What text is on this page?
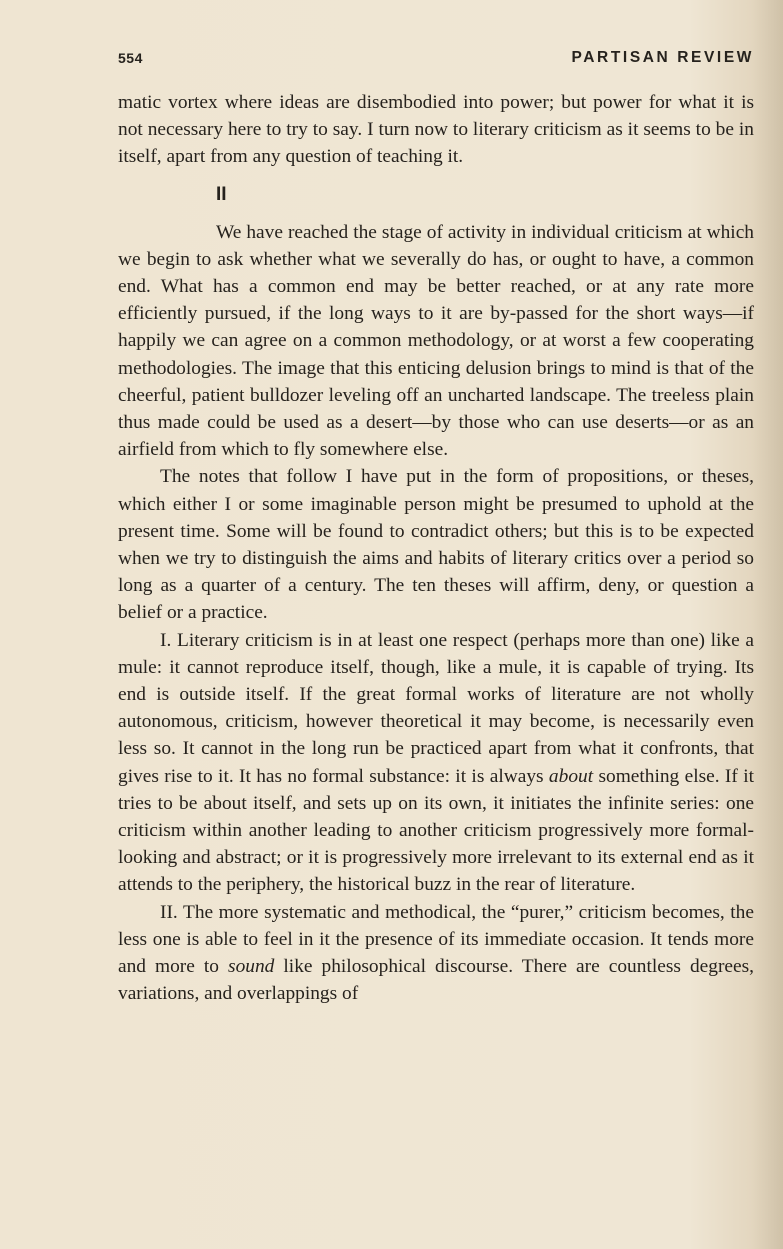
554	PARTISAN REVIEW

matic vortex where ideas are disembodied into power; but power for what it is not necessary here to try to say. I turn now to literary criticism as it seems to be in itself, apart from any question of teaching it.

II

We have reached the stage of activity in individual criticism at which we begin to ask whether what we severally do has, or ought to have, a common end. What has a common end may be better reached, or at any rate more efficiently pursued, if the long ways to it are by-passed for the short ways—if happily we can agree on a common methodology, or at worst a few cooperating methodologies. The image that this enticing delusion brings to mind is that of the cheerful, patient bulldozer leveling off an uncharted landscape. The treeless plain thus made could be used as a desert—by those who can use deserts—or as an airfield from which to fly somewhere else.

The notes that follow I have put in the form of propositions, or theses, which either I or some imaginable person might be presumed to uphold at the present time. Some will be found to contradict others; but this is to be expected when we try to distinguish the aims and habits of literary critics over a period so long as a quarter of a century. The ten theses will affirm, deny, or question a belief or a practice.

I. Literary criticism is in at least one respect (perhaps more than one) like a mule: it cannot reproduce itself, though, like a mule, it is capable of trying. Its end is outside itself. If the great formal works of literature are not wholly autonomous, criticism, however theoretical it may become, is necessarily even less so. It cannot in the long run be practiced apart from what it confronts, that gives rise to it. It has no formal substance: it is always about something else. If it tries to be about itself, and sets up on its own, it initiates the infinite series: one criticism within another leading to another criticism progressively more formal-looking and abstract; or it is progressively more irrelevant to its external end as it attends to the periphery, the historical buzz in the rear of literature.

II. The more systematic and methodical, the “purer,” criticism becomes, the less one is able to feel in it the presence of its immediate occasion. It tends more and more to sound like philosophical discourse. There are countless degrees, variations, and overlappings of
